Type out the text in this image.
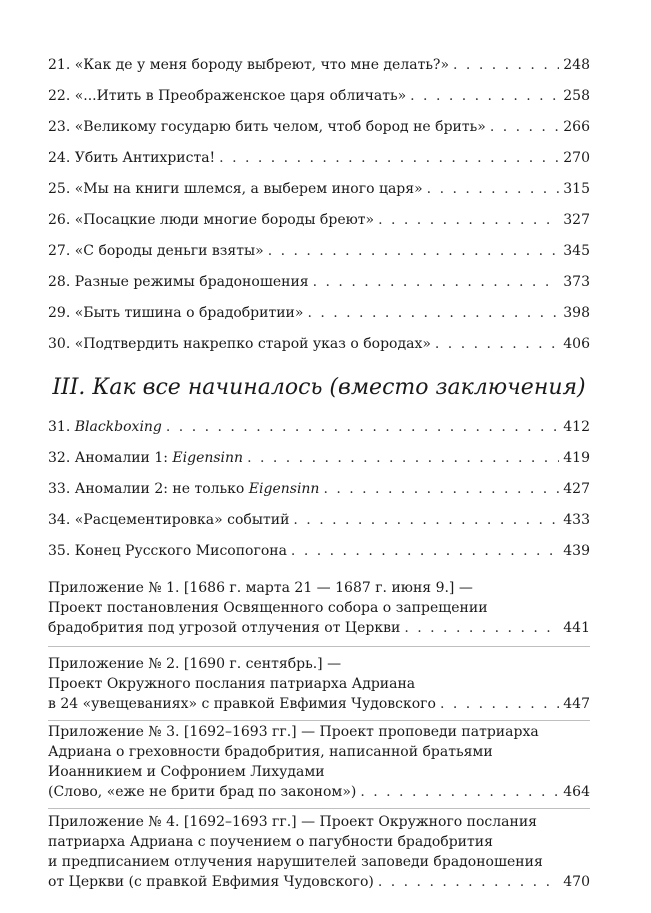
21. «Как де у меня бороду выбреют, что мне делать?» . . .	248
22. «...Итить в Преображенское царя обличать» . . .	258
23. «Великому государю бить челом, чтоб бород не брить» . . .	266
24. Убить Антихриста! . . .	270
25. «Мы на книги шлемся, а выберем иного царя» . . .	315
26. «Посацкие люди многие бороды бреют» . . .	327
27. «С бороды деньги взяты» . . .	345
28. Разные режимы брадоношения . . .	373
29. «Быть тишина о брадобритии» . . .	398
30. «Подтвердить накрепко старой указ о бородах» . . .	406
III. Как все начиналось (вместо заключения)
31. Blackboxing . . .	412
32. Аномалии 1: Eigensinn . . .	419
33. Аномалии 2: не только Eigensinn . . .	427
34. «Расцементировка» событий . . .	433
35. Конец Русского Мисопогона . . .	439
Приложение № 1. [1686 г. марта 21 — 1687 г. июня 9.] —
Проект постановления Освященного собора о запрещении
брадобрития под угрозой отлучения от Церкви . . .	441
Приложение № 2. [1690 г. сентябрь.] —
Проект Окружного послания патриарха Адриана
в 24 «увещеваниях» с правкой Евфимия Чудовского . . .	447
Приложение № 3. [1692–1693 гг.] — Проект проповеди патриарха
Адриана о греховности брадобрития, написанной братьями
Иоанникием и Софронием Лихудами
(Слово, «еже не брити брад по законом») . . .	464
Приложение № 4. [1692–1693 гг.] — Проект Окружного послания
патриарха Адриана с поучением о пагубности брадобрития
и предписанием отлучения нарушителей заповеди брадоношения
от Церкви (с правкой Евфимия Чудовского) . . .	470
